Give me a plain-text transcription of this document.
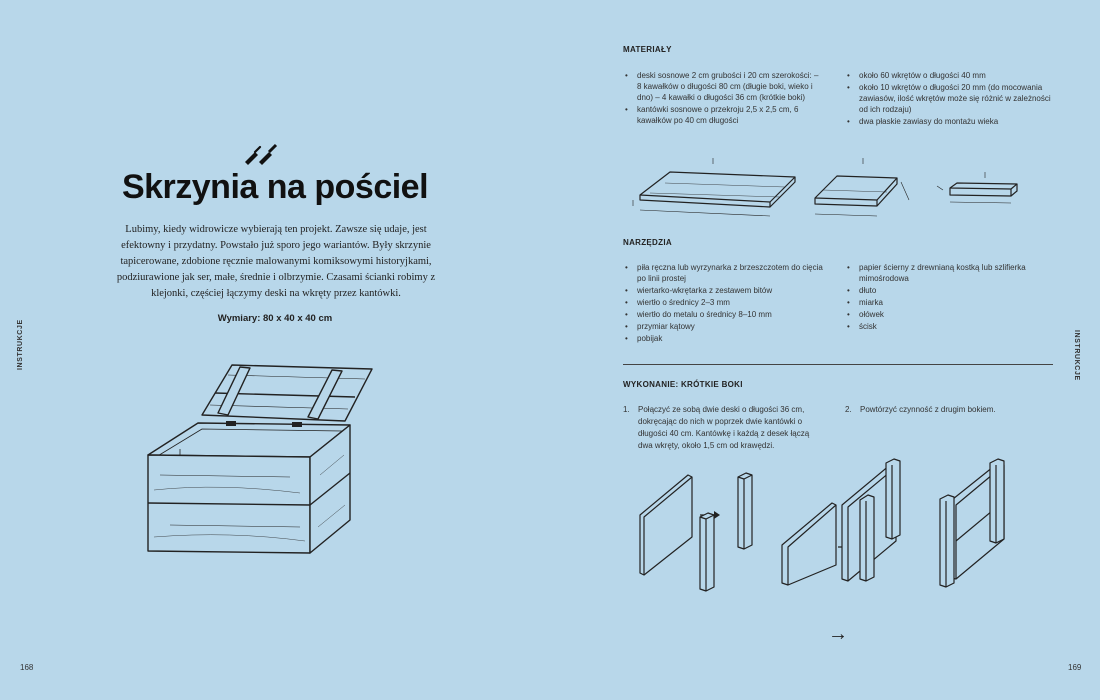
INSTRUKCJE
168
Skrzynia na pościel
Lubimy, kiedy widrowicze wybierają ten projekt. Zawsze się udaje, jest efektowny i przydatny. Powstało już sporo jego wariantów. Były skrzynie tapicerowane, zdobione ręcznie malowanymi komiksowymi historyjkami, podziurawione jak ser, małe, średnie i olbrzymie. Czasami ścianki robimy z klejonki, częściej łączymy deski na wkręty przez kantówki.
Wymiary: 80 x 40 x 40 cm
INSTRUKCJE
169
MATERIAŁY
• deski sosnowe 2 cm grubości i 20 cm szerokości: – 8 kawałków o długości 80 cm (długie boki, wieko i dno) – 4 kawałki o długości 36 cm (krótkie boki)
• kantówki sosnowe o przekroju 2,5 x 2,5 cm, 6 kawałków po 40 cm długości
• około 60 wkrętów o długości 40 mm
• około 10 wkrętów o długości 20 mm (do mocowania zawiasów, ilość wkrętów może się różnić w zależności od ich rodzaju)
• dwa płaskie zawiasy do montażu wieka
NARZĘDZIA
• piła ręczna lub wyrzynarka z brzeszczotem do cięcia po linii prostej
• wiertarko-wkrętarka z zestawem bitów
• wiertło o średnicy 2–3 mm
• wiertło do metalu o średnicy 8–10 mm
• przymiar kątowy
• pobijak
• papier ścierny z drewnianą kostką lub szlifierka mimośrodowa
• dłuto
• miarka
• ołówek
• ścisk
WYKONANIE: KRÓTKIE BOKI
1.	Połączyć ze sobą dwie deski o długości 36 cm, dokręcając do nich w poprzek dwie kantówki o długości 40 cm. Kantówkę i każdą z desek łączą dwa wkręty, około 1,5 cm od krawędzi.
2.	Powtórzyć czynność z drugim bokiem.
→
